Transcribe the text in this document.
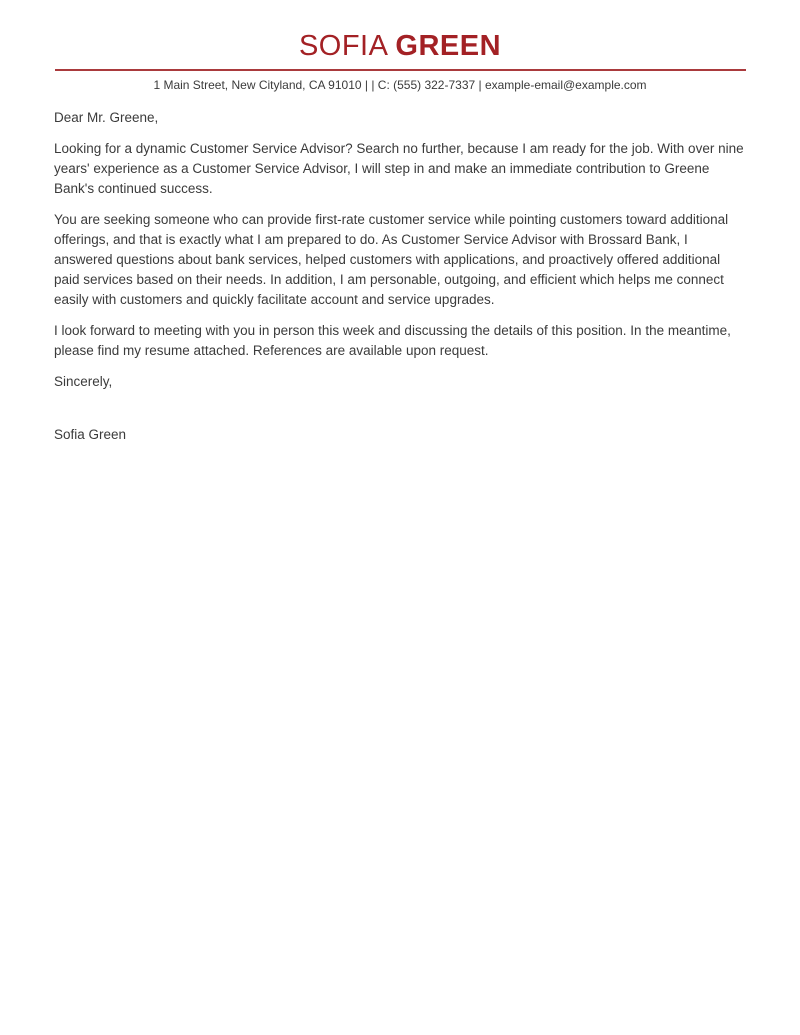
SOFIA GREEN
1 Main Street, New Cityland, CA 91010 | | C: (555) 322-7337 | example-email@example.com

Dear Mr. Greene,

Looking for a dynamic Customer Service Advisor? Search no further, because I am ready for the job. With over nine years' experience as a Customer Service Advisor, I will step in and make an immediate contribution to Greene Bank's continued success.

You are seeking someone who can provide first-rate customer service while pointing customers toward additional offerings, and that is exactly what I am prepared to do. As Customer Service Advisor with Brossard Bank, I answered questions about bank services, helped customers with applications, and proactively offered additional paid services based on their needs. In addition, I am personable, outgoing, and efficient which helps me connect easily with customers and quickly facilitate account and service upgrades.

I look forward to meeting with you in person this week and discussing the details of this position. In the meantime, please find my resume attached. References are available upon request.

Sincerely,

Sofia Green
